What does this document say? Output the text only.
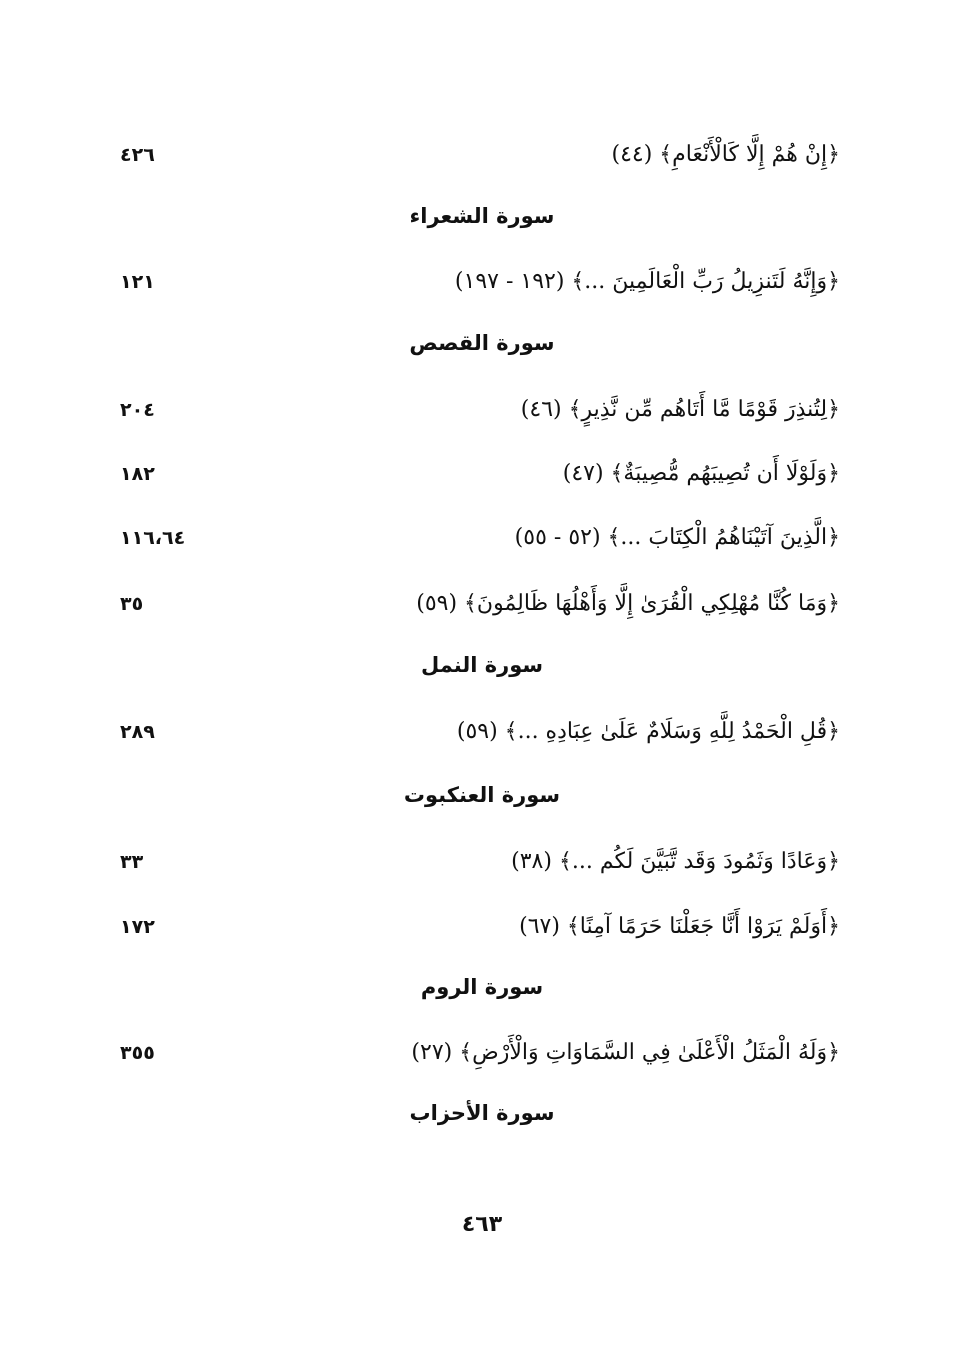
﴿إِنْ هُمْ إِلَّا كَالْأَنْعَامِ﴾ (٤٤)
٤٢٦
سورة الشعراء
﴿وَإِنَّهُ لَتَنزِيلُ رَبِّ الْعَالَمِينَ ...﴾ (١٩٢ - ١٩٧)
١٢١
سورة القصص
﴿لِتُنذِرَ قَوْمًا مَّا أَتَاهُم مِّن نَّذِيرٍ﴾ (٤٦)
٢٠٤
﴿وَلَوْلَا أَن تُصِيبَهُم مُّصِيبَةٌ﴾ (٤٧)
١٨٢
﴿الَّذِينَ آتَيْنَاهُمُ الْكِتَابَ ...﴾ (٥٢ - ٥٥)
١١٦،٦٤
﴿وَمَا كُنَّا مُهْلِكِي الْقُرَىٰ إِلَّا وَأَهْلُهَا ظَالِمُونَ﴾ (٥٩)
٣٥
سورة النمل
﴿قُلِ الْحَمْدُ لِلَّهِ وَسَلَامٌ عَلَىٰ عِبَادِهِ ...﴾ (٥٩)
٢٨٩
سورة العنكبوت
﴿وَعَادًا وَثَمُودَ وَقَد تَّبَيَّنَ لَكُم ...﴾ (٣٨)
٣٣
﴿أَوَلَمْ يَرَوْا أَنَّا جَعَلْنَا حَرَمًا آمِنًا﴾ (٦٧)
١٧٢
سورة الروم
﴿وَلَهُ الْمَثَلُ الْأَعْلَىٰ فِي السَّمَاوَاتِ وَالْأَرْضِ﴾ (٢٧)
٣٥٥
سورة الأحزاب
٤٦٣
